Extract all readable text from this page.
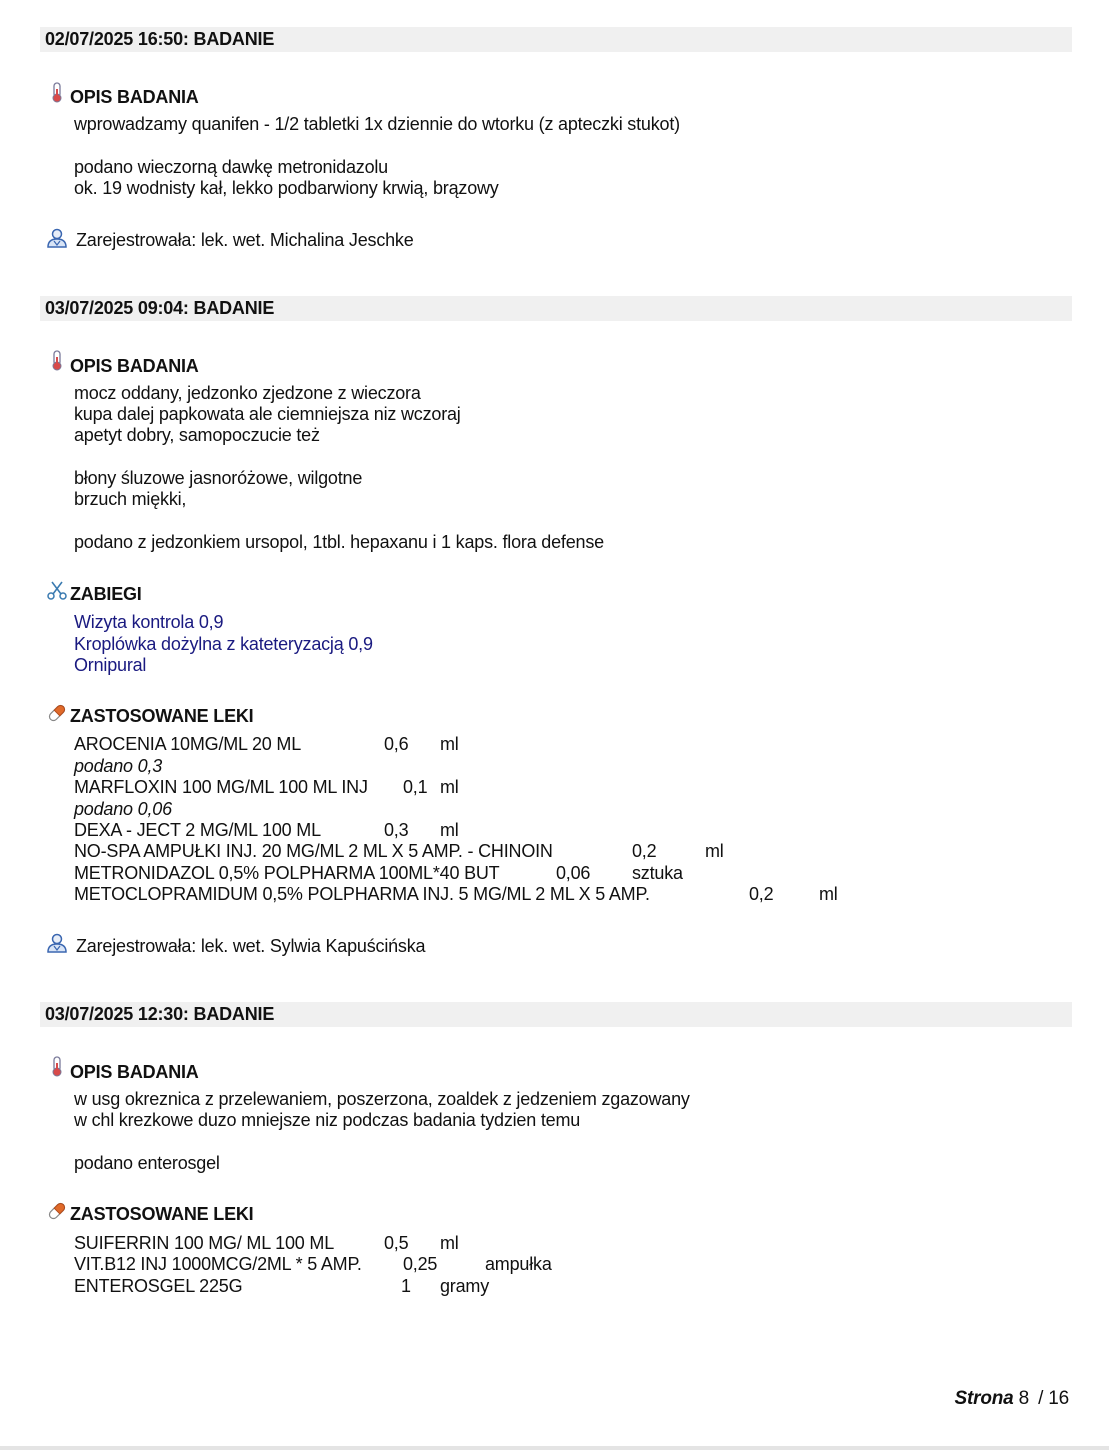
02/07/2025 16:50: BADANIE
OPIS BADANIA
wprowadzamy quanifen - 1/2 tabletki 1x dziennie do wtorku (z apteczki stukot)
podano wieczorną dawkę metronidazolu
ok. 19 wodnisty kał, lekko podbarwiony krwią, brązowy
Zarejestrowała: lek. wet. Michalina Jeschke
03/07/2025 09:04: BADANIE
OPIS BADANIA
mocz oddany, jedzonko zjedzone z wieczora
kupa dalej papkowata ale ciemniejsza niz wczoraj
apetyt dobry, samopoczucie też
błony śluzowe jasnoróżowe, wilgotne
brzuch miękki,
podano z jedzonkiem ursopol, 1tbl. hepaxanu i 1 kaps. flora defense
ZABIEGI
Wizyta kontrola 0,9
Kroplówka dożylna z kateteryzacją 0,9
Ornipural
ZASTOSOWANE LEKI
AROCENIA 10MG/ML 20 ML	0,6 ml
podano 0,3
MARFLOXIN 100 MG/ML 100 ML INJ 0,1 ml
podano 0,06
DEXA - JECT 2 MG/ML 100 ML	0,3 ml
NO-SPA AMPUŁKI INJ. 20 MG/ML 2 ML X 5 AMP. - CHINOIN	0,2	ml
METRONIDAZOL 0,5% POLPHARMA 100ML*40 BUT	0,06 sztuka
METOCLOPRAMIDUM 0,5% POLPHARMA INJ. 5 MG/ML 2 ML X 5 AMP.	0,2	ml
Zarejestrowała: lek. wet. Sylwia Kapuścińska
03/07/2025 12:30: BADANIE
OPIS BADANIA
w usg okreznica z przelewaniem, poszerzona, zoaldek z jedzeniem zgazowany
w chl krezkowe duzo mniejsze niz podczas badania tydzien temu
podano enterosgel
ZASTOSOWANE LEKI
SUIFERRIN 100 MG/ ML 100 ML	0,5 ml
VIT.B12 INJ 1000MCG/2ML * 5 AMP. 0,25	ampułka
ENTEROSGEL 225G	1 gramy
Strona 8 / 16
